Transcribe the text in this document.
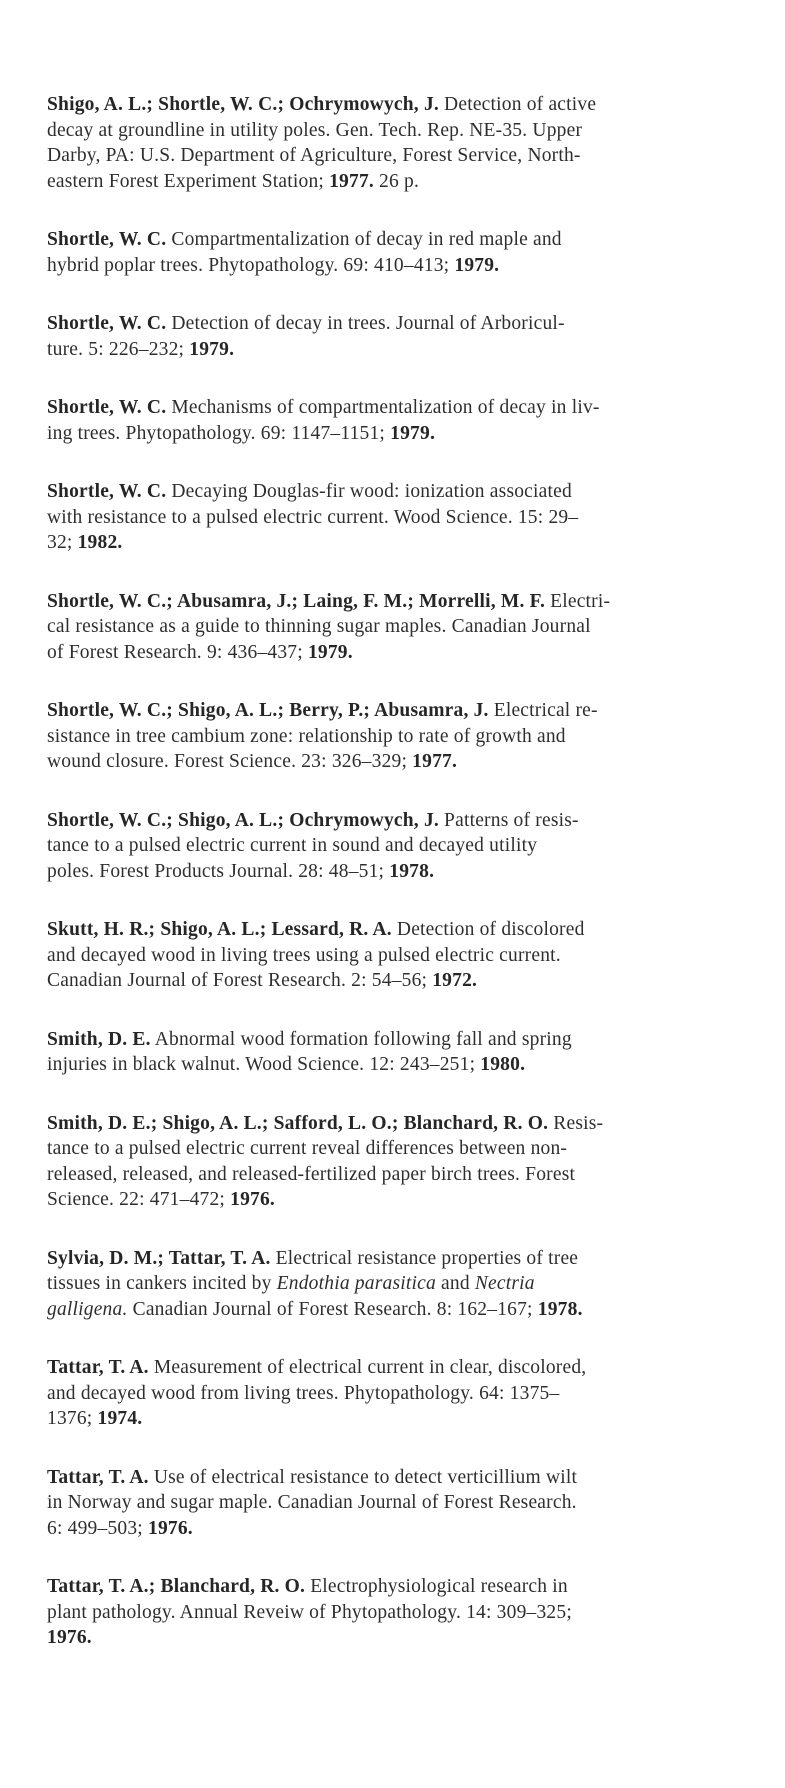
Shigo, A. L.; Shortle, W. C.; Ochrymowych, J. Detection of active
decay at groundline in utility poles. Gen. Tech. Rep. NE-35. Upper
Darby, PA: U.S. Department of Agriculture, Forest Service, North-
eastern Forest Experiment Station; 1977. 26 p.
Shortle, W. C. Compartmentalization of decay in red maple and
hybrid poplar trees. Phytopathology. 69: 410–413; 1979.
Shortle, W. C. Detection of decay in trees. Journal of Arboricul-
ture. 5: 226–232; 1979.
Shortle, W. C. Mechanisms of compartmentalization of decay in liv-
ing trees. Phytopathology. 69: 1147–1151; 1979.
Shortle, W. C. Decaying Douglas-fir wood: ionization associated
with resistance to a pulsed electric current. Wood Science. 15: 29–
32; 1982.
Shortle, W. C.; Abusamra, J.; Laing, F. M.; Morrelli, M. F. Electri-
cal resistance as a guide to thinning sugar maples. Canadian Journal
of Forest Research. 9: 436–437; 1979.
Shortle, W. C.; Shigo, A. L.; Berry, P.; Abusamra, J. Electrical re-
sistance in tree cambium zone: relationship to rate of growth and
wound closure. Forest Science. 23: 326–329; 1977.
Shortle, W. C.; Shigo, A. L.; Ochrymowych, J. Patterns of resis-
tance to a pulsed electric current in sound and decayed utility
poles. Forest Products Journal. 28: 48–51; 1978.
Skutt, H. R.; Shigo, A. L.; Lessard, R. A. Detection of discolored
and decayed wood in living trees using a pulsed electric current.
Canadian Journal of Forest Research. 2: 54–56; 1972.
Smith, D. E. Abnormal wood formation following fall and spring
injuries in black walnut. Wood Science. 12: 243–251; 1980.
Smith, D. E.; Shigo, A. L.; Safford, L. O.; Blanchard, R. O. Resis-
tance to a pulsed electric current reveal differences between non-
released, released, and released-fertilized paper birch trees. Forest
Science. 22: 471–472; 1976.
Sylvia, D. M.; Tattar, T. A. Electrical resistance properties of tree
tissues in cankers incited by Endothia parasitica and Nectria
galligena. Canadian Journal of Forest Research. 8: 162–167; 1978.
Tattar, T. A. Measurement of electrical current in clear, discolored,
and decayed wood from living trees. Phytopathology. 64: 1375–
1376; 1974.
Tattar, T. A. Use of electrical resistance to detect verticillium wilt
in Norway and sugar maple. Canadian Journal of Forest Research.
6: 499–503; 1976.
Tattar, T. A.; Blanchard, R. O. Electrophysiological research in
plant pathology. Annual Reveiw of Phytopathology. 14: 309–325;
1976.
